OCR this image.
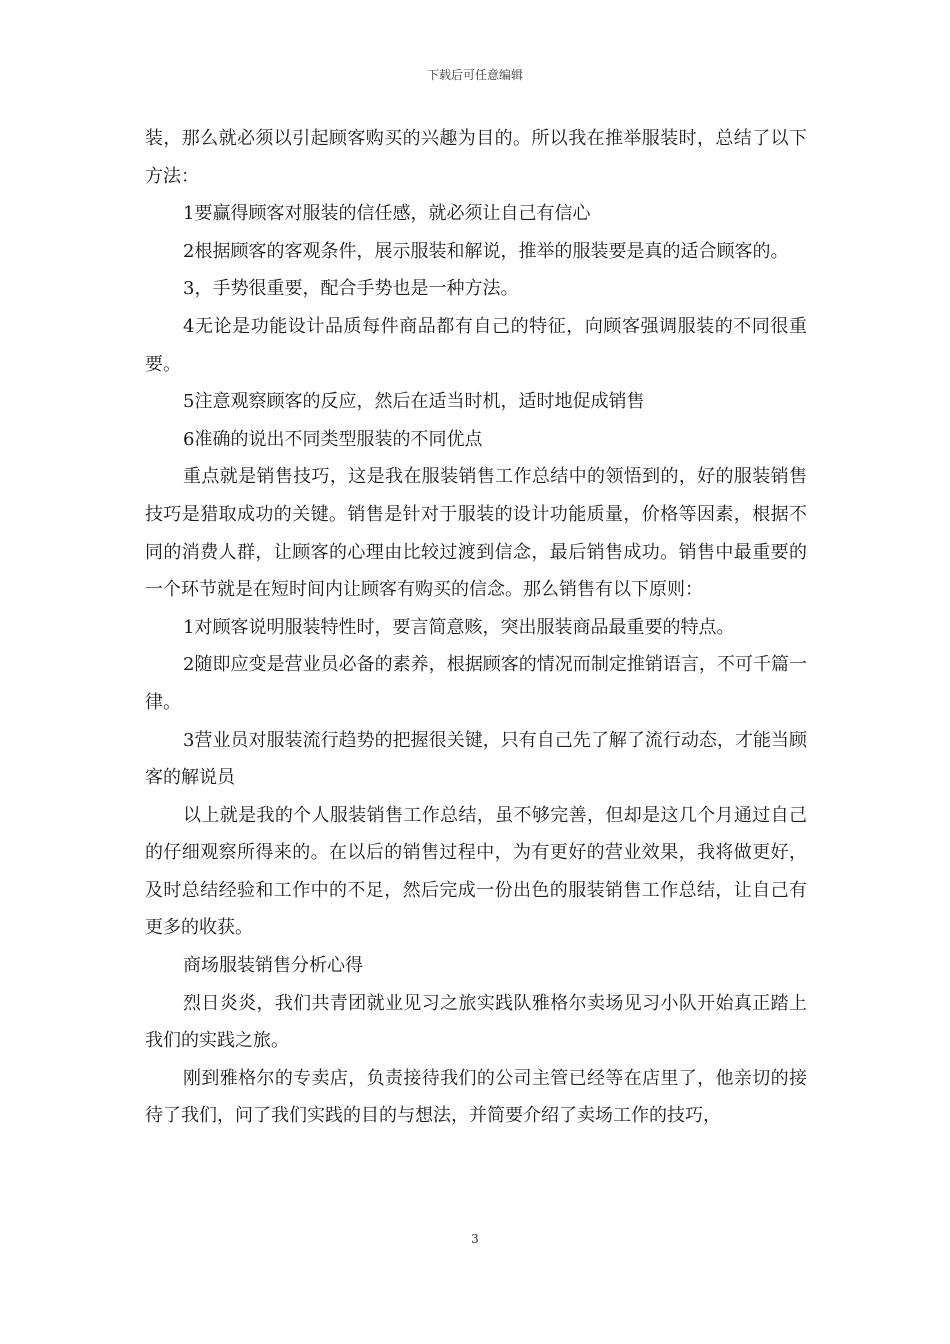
下载后可任意编辑

装，那么就必须以引起顾客购买的兴趣为目的。所以我在推举服装时，总结了以下方法：

1要赢得顾客对服装的信任感，就必须让自己有信心

2根据顾客的客观条件，展示服装和解说，推举的服装要是真的适合顾客的。

3，手势很重要，配合手势也是一种方法。

4无论是功能设计品质每件商品都有自己的特征，向顾客强调服装的不同很重要。

5注意观察顾客的反应，然后在适当时机，适时地促成销售

6准确的说出不同类型服装的不同优点

重点就是销售技巧，这是我在服装销售工作总结中的领悟到的，好的服装销售技巧是猎取成功的关键。销售是针对于服装的设计功能质量，价格等因素，根据不同的消费人群，让顾客的心理由比较过渡到信念，最后销售成功。销售中最重要的一个环节就是在短时间内让顾客有购买的信念。那么销售有以下原则：

1对顾客说明服装特性时，要言简意赅，突出服装商品最重要的特点。

2随即应变是营业员必备的素养，根据顾客的情况而制定推销语言，不可千篇一律。

3营业员对服装流行趋势的把握很关键，只有自己先了解了流行动态，才能当顾客的解说员

以上就是我的个人服装销售工作总结，虽不够完善，但却是这几个月通过自己的仔细观察所得来的。在以后的销售过程中，为有更好的营业效果，我将做更好，及时总结经验和工作中的不足，然后完成一份出色的服装销售工作总结，让自己有更多的收获。

商场服装销售分析心得

烈日炎炎，我们共青团就业见习之旅实践队雅格尔卖场见习小队开始真正踏上我们的实践之旅。

刚到雅格尔的专卖店，负责接待我们的公司主管已经等在店里了，他亲切的接待了我们，问了我们实践的目的与想法，并简要介绍了卖场工作的技巧，

3
